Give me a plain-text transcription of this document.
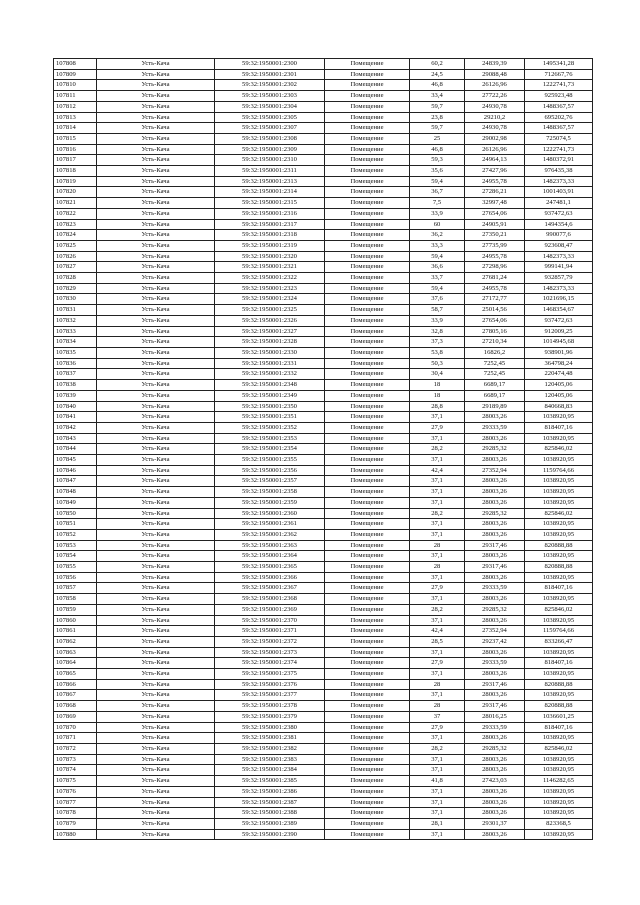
107808	Усть-Кача	59:32:1950001:2300	Помещение	60,2	24839,39	1495341,28
107809	Усть-Кача	59:32:1950001:2301	Помещение	24,5	29088,48	712667,76
107810	Усть-Кача	59:32:1950001:2302	Помещение	46,8	26126,96	1222741,73
107811	Усть-Кача	59:32:1950001:2303	Помещение	33,4	27722,26	925923,48
107812	Усть-Кача	59:32:1950001:2304	Помещение	59,7	24930,78	1488367,57
107813	Усть-Кача	59:32:1950001:2305	Помещение	23,8	29210,2	695202,76
107814	Усть-Кача	59:32:1950001:2307	Помещение	59,7	24930,78	1488367,57
107815	Усть-Кача	59:32:1950001:2308	Помещение	25	29002,98	725074,5
107816	Усть-Кача	59:32:1950001:2309	Помещение	46,8	26126,96	1222741,73
107817	Усть-Кача	59:32:1950001:2310	Помещение	59,3	24964,13	1480372,91
107818	Усть-Кача	59:32:1950001:2311	Помещение	35,6	27427,96	976435,38
107819	Усть-Кача	59:32:1950001:2313	Помещение	59,4	24955,78	1482373,33
107820	Усть-Кача	59:32:1950001:2314	Помещение	36,7	27286,21	1001403,91
107821	Усть-Кача	59:32:1950001:2315	Помещение	7,5	32997,48	247481,1
107822	Усть-Кача	59:32:1950001:2316	Помещение	33,9	27654,06	937472,63
107823	Усть-Кача	59:32:1950001:2317	Помещение	60	24905,91	1494354,6
107824	Усть-Кача	59:32:1950001:2318	Помещение	36,2	27350,21	990077,6
107825	Усть-Кача	59:32:1950001:2319	Помещение	33,3	27735,99	923608,47
107826	Усть-Кача	59:32:1950001:2320	Помещение	59,4	24955,78	1482373,33
107827	Усть-Кача	59:32:1950001:2321	Помещение	36,6	27298,96	999141,94
107828	Усть-Кача	59:32:1950001:2322	Помещение	33,7	27681,24	932857,79
107829	Усть-Кача	59:32:1950001:2323	Помещение	59,4	24955,78	1482373,33
107830	Усть-Кача	59:32:1950001:2324	Помещение	37,6	27172,77	1021696,15
107831	Усть-Кача	59:32:1950001:2325	Помещение	58,7	25014,56	1468354,67
107832	Усть-Кача	59:32:1950001:2326	Помещение	33,9	27654,06	937472,63
107833	Усть-Кача	59:32:1950001:2327	Помещение	32,8	27805,16	912009,25
107834	Усть-Кача	59:32:1950001:2328	Помещение	37,3	27210,34	1014945,68
107835	Усть-Кача	59:32:1950001:2330	Помещение	53,8	16826,2	938901,96
107836	Усть-Кача	59:32:1950001:2331	Помещение	50,3	7252,45	364798,24
107837	Усть-Кача	59:32:1950001:2332	Помещение	30,4	7252,45	220474,48
107838	Усть-Кача	59:32:1950001:2348	Помещение	18	6689,17	120405,06
107839	Усть-Кача	59:32:1950001:2349	Помещение	18	6689,17	120405,06
107840	Усть-Кача	59:32:1950001:2350	Помещение	28,8	29189,89	840668,83
107841	Усть-Кача	59:32:1950001:2351	Помещение	37,1	28003,26	1038920,95
107842	Усть-Кача	59:32:1950001:2352	Помещение	27,9	29333,59	818407,16
107843	Усть-Кача	59:32:1950001:2353	Помещение	37,1	28003,26	1038920,95
107844	Усть-Кача	59:32:1950001:2354	Помещение	28,2	29285,32	825846,02
107845	Усть-Кача	59:32:1950001:2355	Помещение	37,1	28003,26	1038920,95
107846	Усть-Кача	59:32:1950001:2356	Помещение	42,4	27352,94	1159764,66
107847	Усть-Кача	59:32:1950001:2357	Помещение	37,1	28003,26	1038920,95
107848	Усть-Кача	59:32:1950001:2358	Помещение	37,1	28003,26	1038920,95
107849	Усть-Кача	59:32:1950001:2359	Помещение	37,1	28003,26	1038920,95
107850	Усть-Кача	59:32:1950001:2360	Помещение	28,2	29285,32	825846,02
107851	Усть-Кача	59:32:1950001:2361	Помещение	37,1	28003,26	1038920,95
107852	Усть-Кача	59:32:1950001:2362	Помещение	37,1	28003,26	1038920,95
107853	Усть-Кача	59:32:1950001:2363	Помещение	28	29317,46	820888,88
107854	Усть-Кача	59:32:1950001:2364	Помещение	37,1	28003,26	1038920,95
107855	Усть-Кача	59:32:1950001:2365	Помещение	28	29317,46	820888,88
107856	Усть-Кача	59:32:1950001:2366	Помещение	37,1	28003,26	1038920,95
107857	Усть-Кача	59:32:1950001:2367	Помещение	27,9	29333,59	818407,16
107858	Усть-Кача	59:32:1950001:2368	Помещение	37,1	28003,26	1038920,95
107859	Усть-Кача	59:32:1950001:2369	Помещение	28,2	29285,32	825846,02
107860	Усть-Кача	59:32:1950001:2370	Помещение	37,1	28003,26	1038920,95
107861	Усть-Кача	59:32:1950001:2371	Помещение	42,4	27352,94	1159764,66
107862	Усть-Кача	59:32:1950001:2372	Помещение	28,5	29237,42	833266,47
107863	Усть-Кача	59:32:1950001:2373	Помещение	37,1	28003,26	1038920,95
107864	Усть-Кача	59:32:1950001:2374	Помещение	27,9	29333,59	818407,16
107865	Усть-Кача	59:32:1950001:2375	Помещение	37,1	28003,26	1038920,95
107866	Усть-Кача	59:32:1950001:2376	Помещение	28	29317,46	820888,88
107867	Усть-Кача	59:32:1950001:2377	Помещение	37,1	28003,26	1038920,95
107868	Усть-Кача	59:32:1950001:2378	Помещение	28	29317,46	820888,88
107869	Усть-Кача	59:32:1950001:2379	Помещение	37	28016,25	1036601,25
107870	Усть-Кача	59:32:1950001:2380	Помещение	27,9	29333,59	818407,16
107871	Усть-Кача	59:32:1950001:2381	Помещение	37,1	28003,26	1038920,95
107872	Усть-Кача	59:32:1950001:2382	Помещение	28,2	29285,32	825846,02
107873	Усть-Кача	59:32:1950001:2383	Помещение	37,1	28003,26	1038920,95
107874	Усть-Кача	59:32:1950001:2384	Помещение	37,1	28003,26	1038920,95
107875	Усть-Кача	59:32:1950001:2385	Помещение	41,8	27423,03	1146282,65
107876	Усть-Кача	59:32:1950001:2386	Помещение	37,1	28003,26	1038920,95
107877	Усть-Кача	59:32:1950001:2387	Помещение	37,1	28003,26	1038920,95
107878	Усть-Кача	59:32:1950001:2388	Помещение	37,1	28003,26	1038920,95
107879	Усть-Кача	59:32:1950001:2389	Помещение	28,1	29301,37	823368,5
107880	Усть-Кача	59:32:1950001:2390	Помещение	37,1	28003,26	1038920,95
